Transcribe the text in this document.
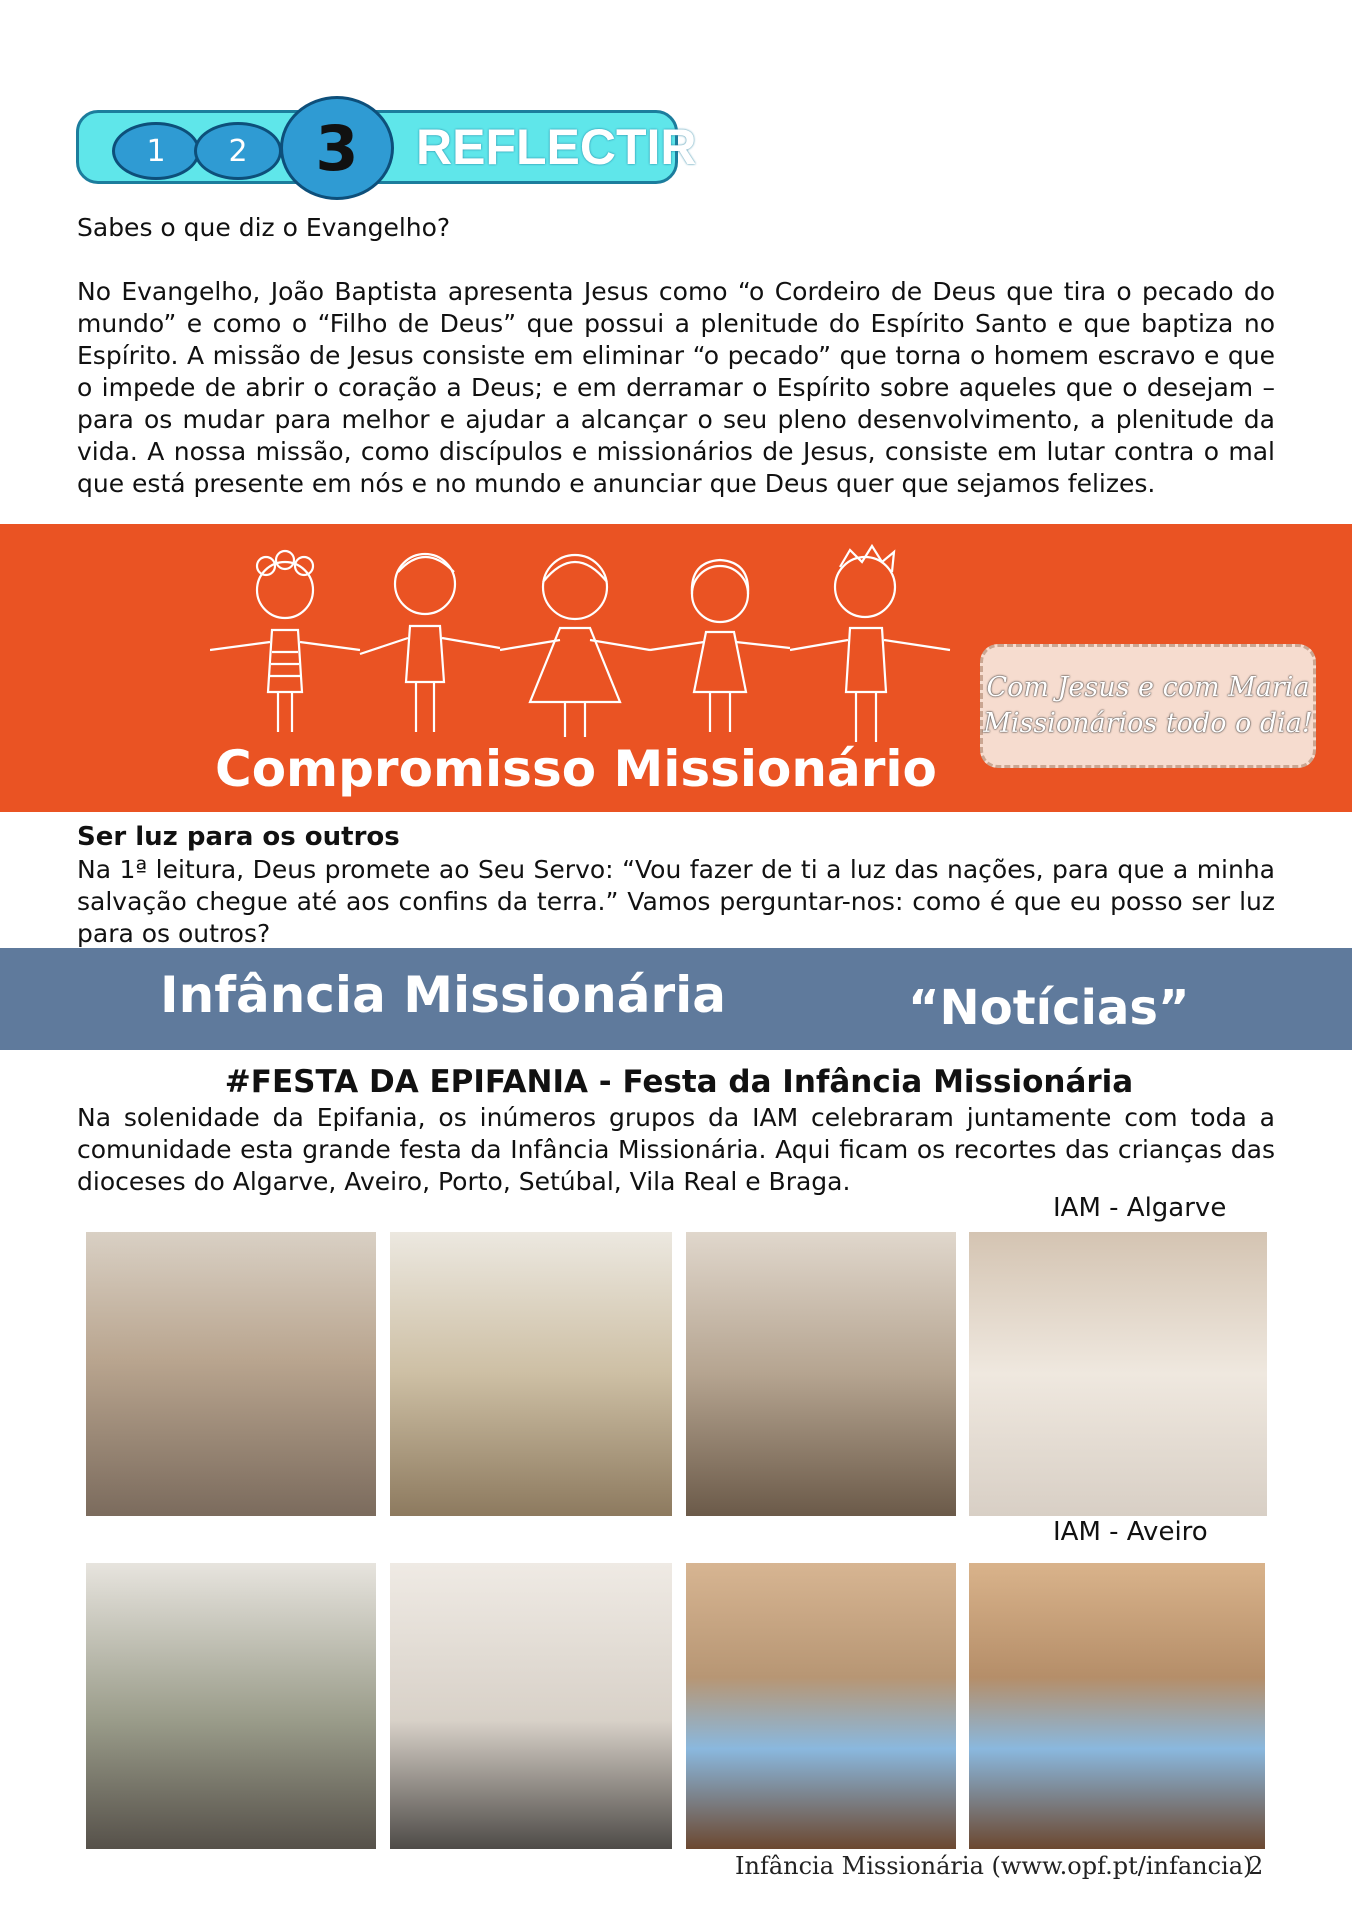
1	2	3	REFLECTIR

Sabes o que diz o Evangelho?

No Evangelho, João Baptista apresenta Jesus como “o Cordeiro de Deus que tira o pecado do mundo” e como o “Filho de Deus” que possui a plenitude do Espírito Santo e que baptiza no Espírito. A missão de Jesus consiste em eliminar “o pecado” que torna o homem escravo e que o impede de abrir o coração a Deus; e em derramar o Espírito sobre aqueles que o desejam – para os mudar para melhor e ajudar a alcançar o seu pleno desenvolvimento, a plenitude da vida. A nossa missão, como discípulos e missionários de Jesus, consiste em lutar contra o mal que está presente em nós e no mundo e anunciar que Deus quer que sejamos felizes.

Compromisso Missionário
Com Jesus e com Maria
Missionários todo o dia!

Ser luz para os outros

Na 1ª leitura, Deus promete ao Seu Servo: “Vou fazer de ti a luz das nações, para que a minha salvação chegue até aos confins da terra.” Vamos perguntar-nos: como é que eu posso ser luz para os outros?

Infância Missionária	“Notícias”

#FESTA DA EPIFANIA - Festa da Infância Missionária

Na solenidade da Epifania, os inúmeros grupos da IAM celebraram juntamente com toda a comunidade esta grande festa da Infância Missionária. Aqui ficam os recortes das crianças das dioceses do Algarve, Aveiro, Porto, Setúbal, Vila Real e Braga.

IAM - Algarve
IAM - Aveiro
Infância Missionária (www.opf.pt/infancia)
2
